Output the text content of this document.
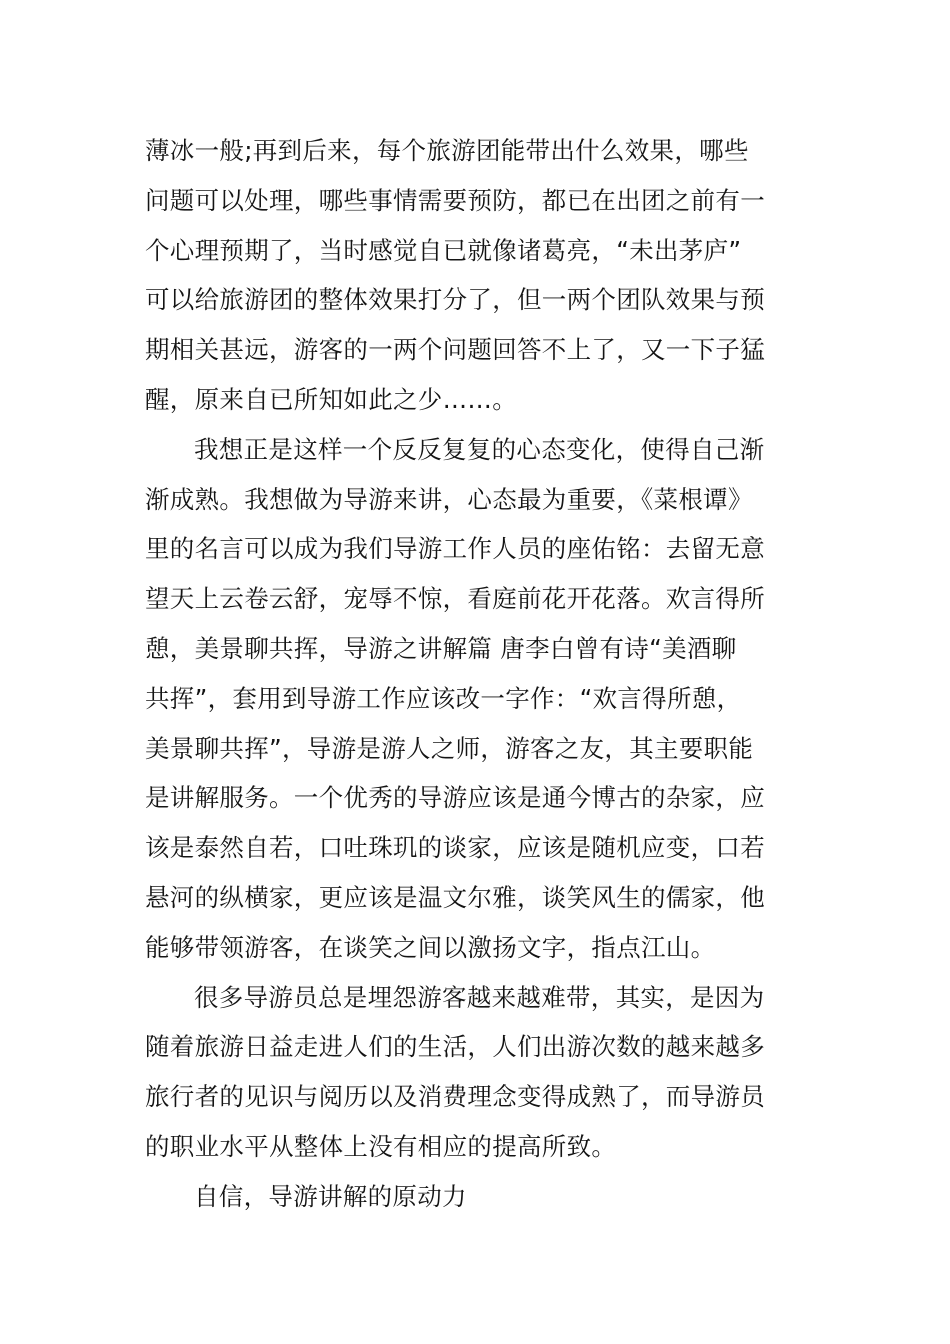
薄冰一般;再到后来，每个旅游团能带出什么效果，哪些
问题可以处理，哪些事情需要预防，都已在出团之前有一
个心理预期了，当时感觉自已就像诸葛亮，“未出茅庐”
可以给旅游团的整体效果打分了，但一两个团队效果与预
期相关甚远，游客的一两个问题回答不上了，又一下子猛
醒，原来自已所知如此之少……。
我想正是这样一个反反复复的心态变化，使得自己渐
渐成熟。我想做为导游来讲，心态最为重要，《菜根谭》
里的名言可以成为我们导游工作人员的座佑铭：去留无意
望天上云卷云舒，宠辱不惊，看庭前花开花落。欢言得所
憩，美景聊共挥，导游之讲解篇 唐李白曾有诗“美酒聊
共挥”，套用到导游工作应该改一字作：“欢言得所憩，
美景聊共挥”，导游是游人之师，游客之友，其主要职能
是讲解服务。一个优秀的导游应该是通今博古的杂家，应
该是泰然自若，口吐珠玑的谈家，应该是随机应变，口若
悬河的纵横家，更应该是温文尔雅，谈笑风生的儒家，他
能够带领游客，在谈笑之间以激扬文字，指点江山。
很多导游员总是埋怨游客越来越难带，其实，是因为
随着旅游日益走进人们的生活，人们出游次数的越来越多
旅行者的见识与阅历以及消费理念变得成熟了，而导游员
的职业水平从整体上没有相应的提高所致。
自信，导游讲解的原动力
